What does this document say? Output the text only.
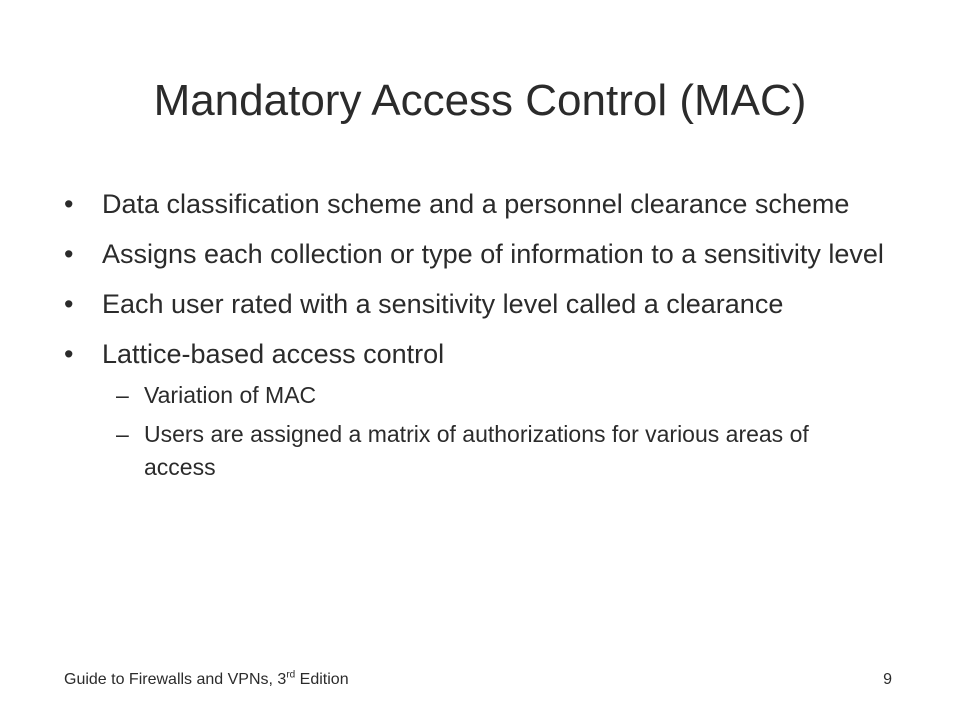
Mandatory Access Control (MAC)
•	Data classification scheme and a personnel clearance scheme
•	Assigns each collection or type of information to a sensitivity level
•	Each user rated with a sensitivity level called a clearance
•	Lattice-based access control
– Variation of MAC
– Users are assigned a matrix of authorizations for various areas of access
Guide to Firewalls and VPNs, 3rd Edition	9
